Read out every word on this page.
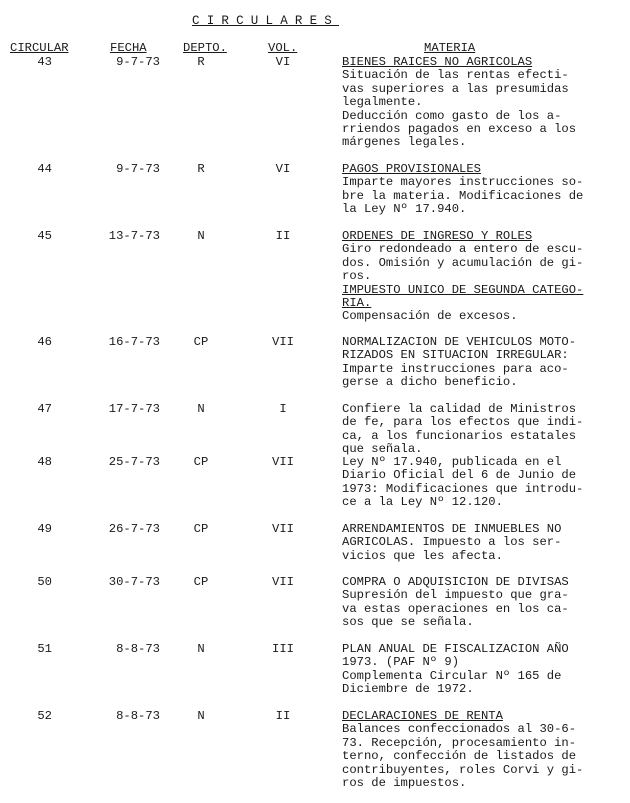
CIRCULARES
CIRCULAR	FECHA	DEPTO.	VOL.	MATERIA
43	9-7-73	R	VI	BIENES RAICES NO AGRICOLAS
Situación de las rentas efecti-
vas superiores a las presumidas
legalmente.
Deducción como gasto de los a-
rriendos pagados en exceso a los
márgenes legales.
44	9-7-73	R	VI	PAGOS PROVISIONALES
Imparte mayores instrucciones so-
bre la materia. Modificaciones de
la Ley Nº 17.940.
45	13-7-73	N	II	ORDENES DE INGRESO Y ROLES
Giro redondeado a entero de escu-
dos. Omisión y acumulación de gi-
ros.
IMPUESTO UNICO DE SEGUNDA CATEGO-
RIA.
Compensación de excesos.
46	16-7-73	CP	VII	NORMALIZACION DE VEHICULOS MOTO-
RIZADOS EN SITUACION IRREGULAR:
Imparte instrucciones para aco-
gerse a dicho beneficio.
47	17-7-73	N	I	Confiere la calidad de Ministros
de fe, para los efectos que indi-
ca, a los funcionarios estatales
que señala.
48	25-7-73	CP	VII	Ley Nº 17.940, publicada en el
Diario Oficial del 6 de Junio de
1973: Modificaciones que introdu-
ce a la Ley Nº 12.120.
49	26-7-73	CP	VII	ARRENDAMIENTOS DE INMUEBLES NO
AGRICOLAS. Impuesto a los ser-
vicios que les afecta.
50	30-7-73	CP	VII	COMPRA O ADQUISICION DE DIVISAS
Supresión del impuesto que gra-
va estas operaciones en los ca-
sos que se señala.
51	8-8-73	N	III	PLAN ANUAL DE FISCALIZACION AÑO
1973. (PAF Nº 9)
Complementa Circular Nº 165 de
Diciembre de 1972.
52	8-8-73	N	II	DECLARACIONES DE RENTA
Balances confeccionados al 30-6-
73. Recepción, procesamiento in-
terno, confección de listados de
contribuyentes, roles Corvi y gi-
ros de impuestos.
